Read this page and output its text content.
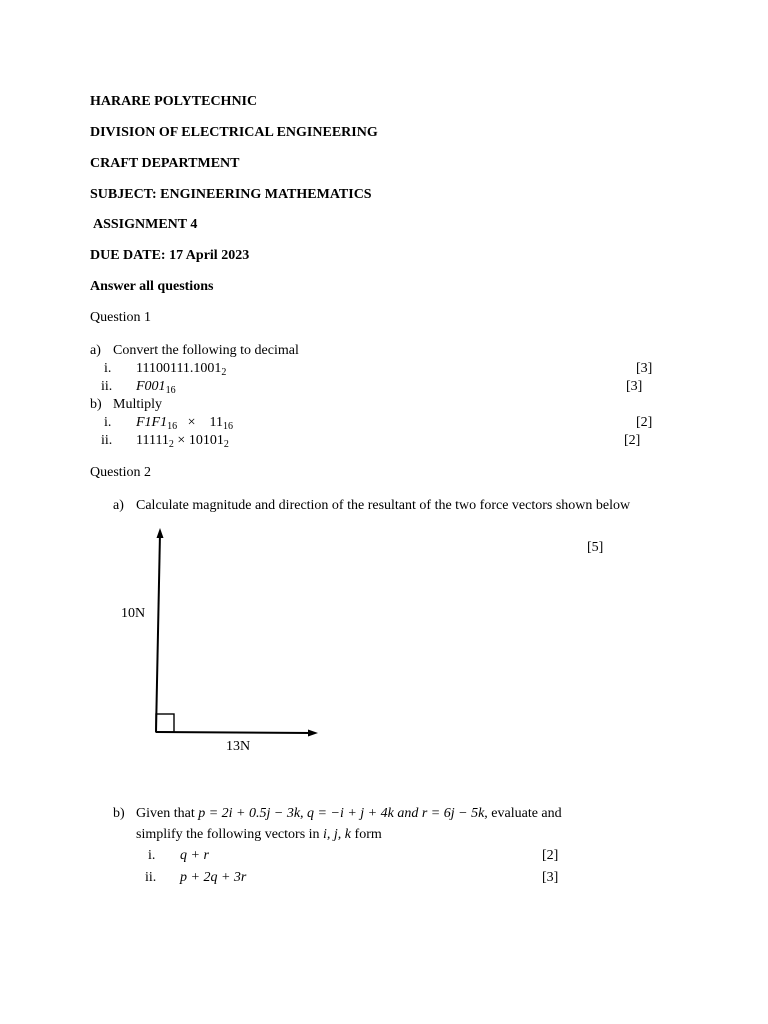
HARARE POLYTECHNIC
DIVISION OF ELECTRICAL ENGINEERING
CRAFT DEPARTMENT
SUBJECT: ENGINEERING MATHEMATICS
ASSIGNMENT 4
DUE DATE: 17 April 2023
Answer all questions
Question 1
a) Convert the following to decimal
i. $11100111.1001_2$	[3]
ii. $F001_{16}$	[3]
b) Multiply
i. $F1F1_{16} \times 11_{16}$	[2]
ii. $11111_2 \times 10101_2$	[2]
Question 2
a) Calculate magnitude and direction of the resultant of the two force vectors shown below
[5]
10N
13N
b) Given that p = 2i + 0.5j − 3k, q = −i + j + 4k and r = 6j − 5k, evaluate and
simplify the following vectors in i, j, k form
i. q + r	[2]
ii. p + 2q + 3r	[3]
